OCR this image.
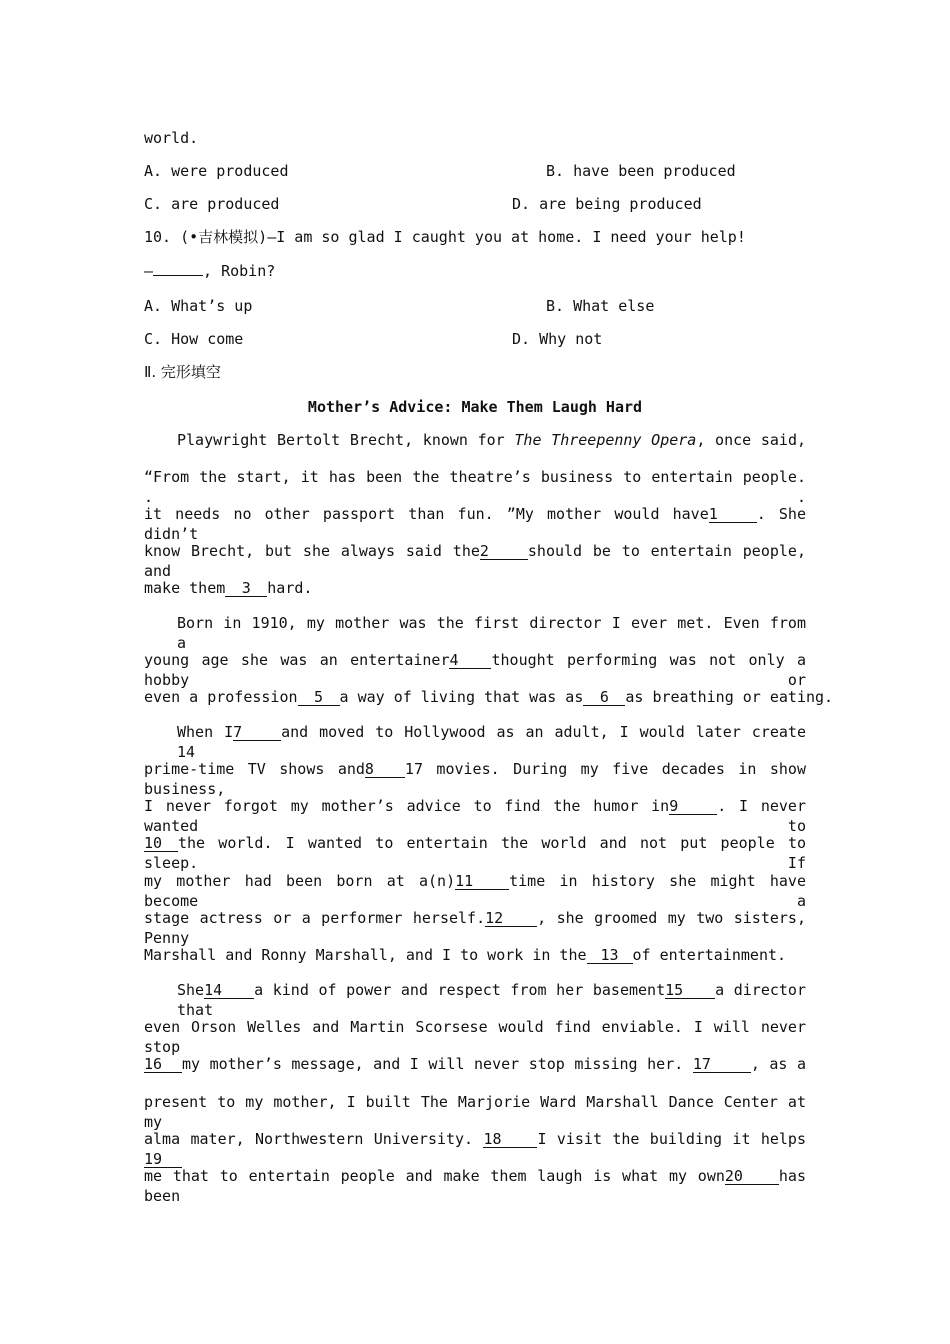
world.
A. were produced	B. have been produced
C. are produced	D. are being produced
10. (•吉林模拟)—I am so glad I caught you at home. I need your help!
—	, Robin?
A. What’s up	B. What else
C. How come	D. Why not
Ⅱ. 完形填空
Mother’s Advice: Make Them Laugh Hard
Playwright Bertolt Brecht, known for The Threepenny Opera, once said,
“From the start, it has been the theatre’s business to entertain people. . .
it needs no other passport than fun. ”My mother would have1	. She didn’t
know Brecht, but she always said the2	should be to entertain people, and
make them 3 hard.
Born in 1910, my mother was the first director I ever met. Even from a
young age she was an entertainer4 thought performing was not only a hobby or
even a profession 5 a way of living that was as 6 as breathing or eating.
When I7	and moved to Hollywood as an adult, I would later create 14
prime-time TV shows and8 17 movies. During my five decades in show business,
I never forgot my mother’s advice to find the humor in9	. I never wanted to
10 the world. I wanted to entertain the world and not put people to sleep. If
my mother had been born at a(n)11 time in history she might have become a
stage actress or a performer herself.12 , she groomed my two sisters, Penny
Marshall and Ronny Marshall, and I to work in the 13 of entertainment.
She14 a kind of power and respect from her basement15 a director that
even Orson Welles and Martin Scorsese would find enviable. I will never stop
16 my mother’s message, and I will never stop missing her. 17	, as a
present to my mother, I built The Marjorie Ward Marshall Dance Center at my
alma mater, Northwestern University. 18 I visit the building it helps19
me that to entertain people and make them laugh is what my own20 has been
